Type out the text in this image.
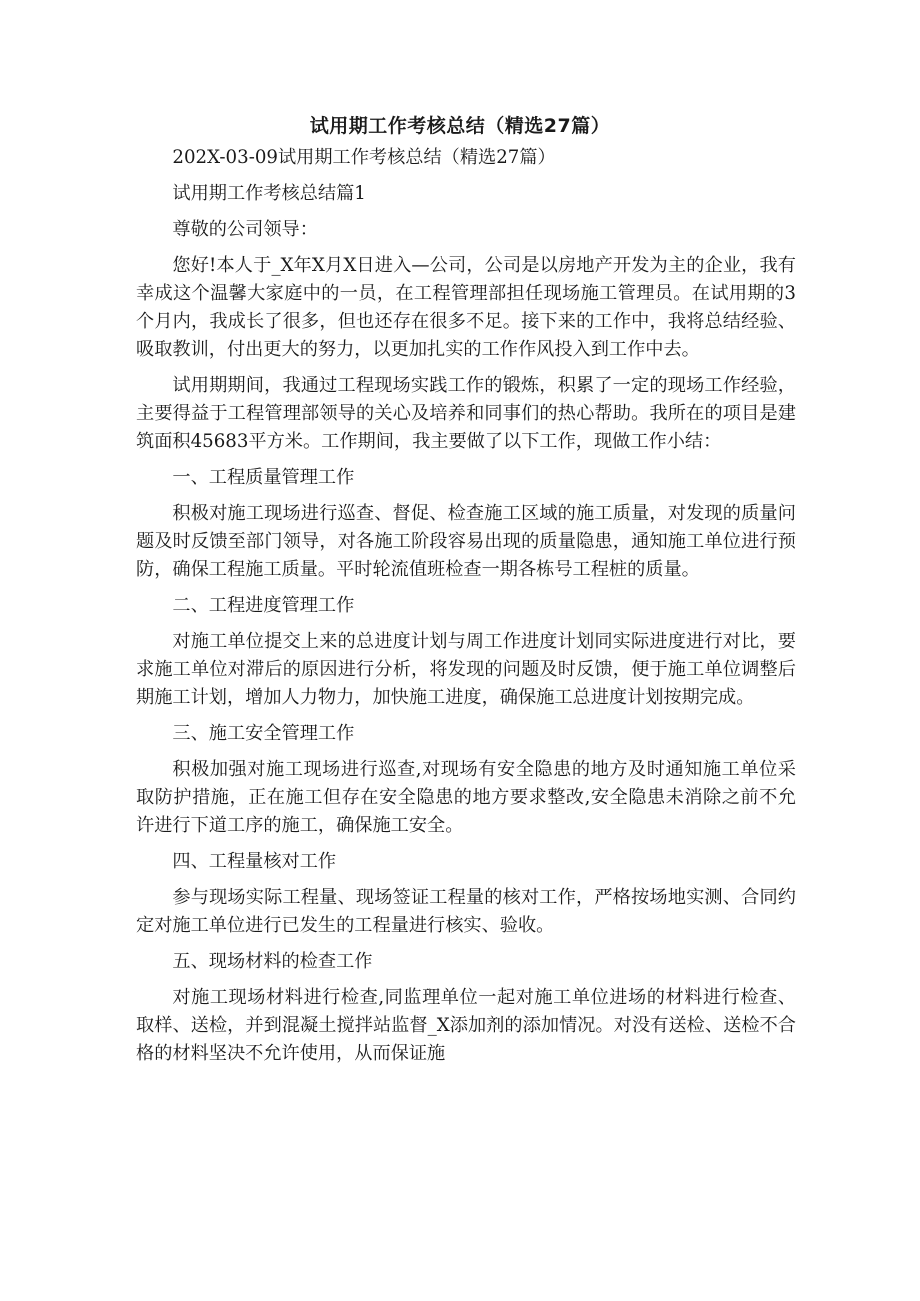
试用期工作考核总结（精选27篇）

202X-03-09试用期工作考核总结（精选27篇）

试用期工作考核总结篇1

尊敬的公司领导：

您好!本人于_X年X月X日进入—公司，公司是以房地产开发为主的企业，我有幸成这个温馨大家庭中的一员，在工程管理部担任现场施工管理员。在试用期的3个月内，我成长了很多，但也还存在很多不足。接下来的工作中，我将总结经验、吸取教训，付出更大的努力，以更加扎实的工作作风投入到工作中去。

试用期期间，我通过工程现场实践工作的锻炼，积累了一定的现场工作经验，主要得益于工程管理部领导的关心及培养和同事们的热心帮助。我所在的项目是建筑面积45683平方米。工作期间，我主要做了以下工作，现做工作小结：

一、工程质量管理工作

积极对施工现场进行巡查、督促、检查施工区域的施工质量，对发现的质量问题及时反馈至部门领导，对各施工阶段容易出现的质量隐患，通知施工单位进行预防，确保工程施工质量。平时轮流值班检查一期各栋号工程桩的质量。

二、工程进度管理工作

对施工单位提交上来的总进度计划与周工作进度计划同实际进度进行对比，要求施工单位对滞后的原因进行分析，将发现的问题及时反馈，便于施工单位调整后期施工计划，增加人力物力，加快施工进度，确保施工总进度计划按期完成。

三、施工安全管理工作

积极加强对施工现场进行巡查,对现场有安全隐患的地方及时通知施工单位采取防护措施，正在施工但存在安全隐患的地方要求整改,安全隐患未消除之前不允许进行下道工序的施工，确保施工安全。

四、工程量核对工作

参与现场实际工程量、现场签证工程量的核对工作，严格按场地实测、合同约定对施工单位进行已发生的工程量进行核实、验收。

五、现场材料的检查工作

对施工现场材料进行检查,同监理单位一起对施工单位进场的材料进行检查、取样、送检，并到混凝土搅拌站监督_X添加剂的添加情况。对没有送检、送检不合格的材料坚决不允许使用，从而保证施
